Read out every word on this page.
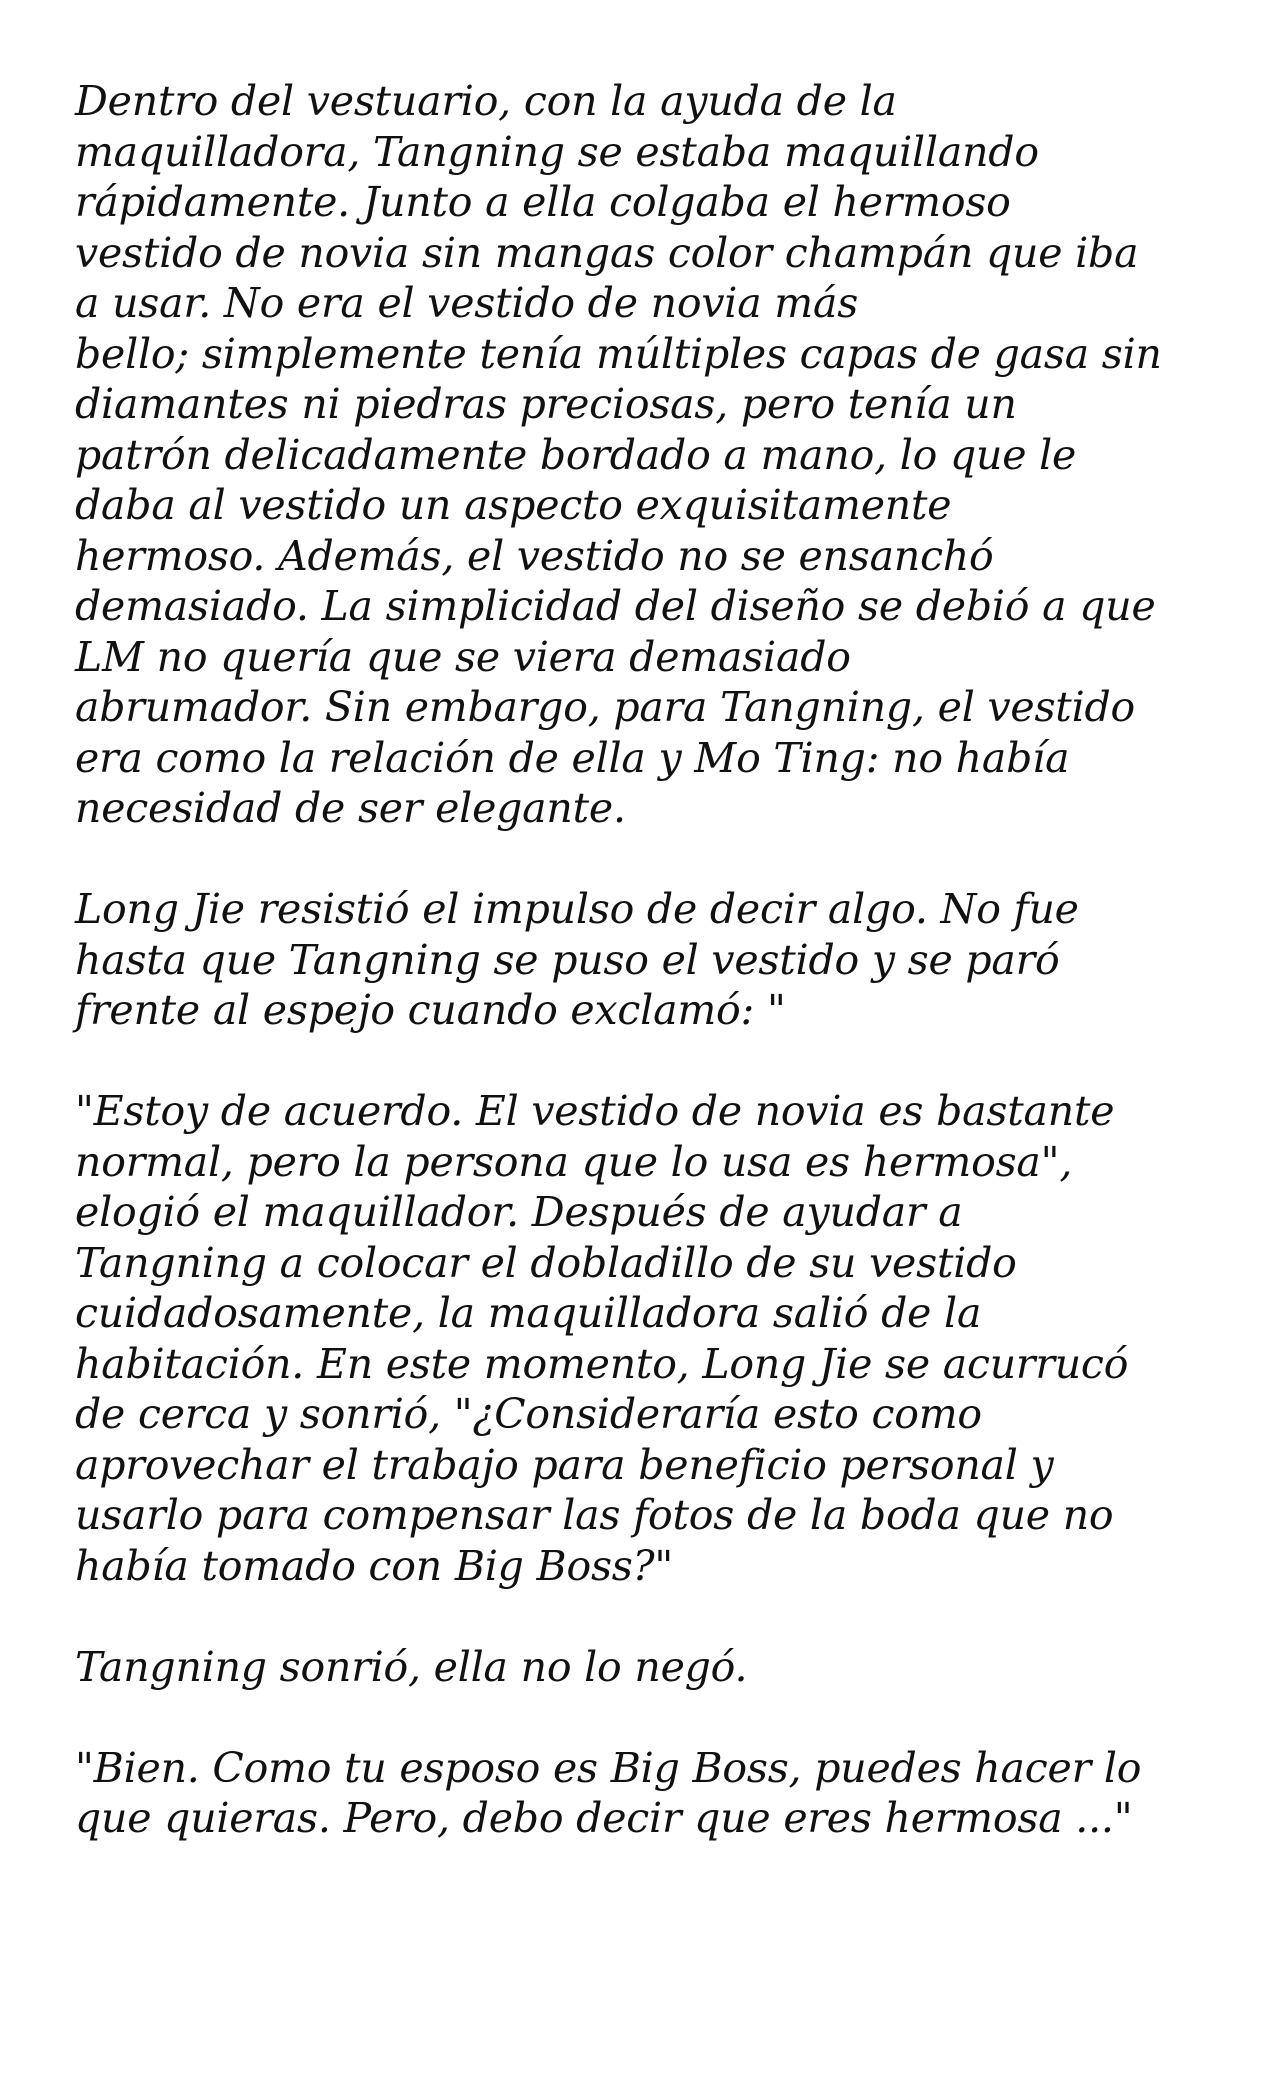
Dentro del vestuario, con la ayuda de la
maquilladora, Tangning se estaba maquillando
rápidamente. Junto a ella colgaba el hermoso
vestido de novia sin mangas color champán que iba
a usar. No era el vestido de novia más
bello; simplemente tenía múltiples capas de gasa sin
diamantes ni piedras preciosas, pero tenía un
patrón delicadamente bordado a mano, lo que le
daba al vestido un aspecto exquisitamente
hermoso. Además, el vestido no se ensanchó
demasiado. La simplicidad del diseño se debió a que
LM no quería que se viera demasiado
abrumador. Sin embargo, para Tangning, el vestido
era como la relación de ella y Mo Ting: no había
necesidad de ser elegante.

Long Jie resistió el impulso de decir algo. No fue
hasta que Tangning se puso el vestido y se paró
frente al espejo cuando exclamó: "

"Estoy de acuerdo. El vestido de novia es bastante
normal, pero la persona que lo usa es hermosa",
elogió el maquillador. Después de ayudar a
Tangning a colocar el dobladillo de su vestido
cuidadosamente, la maquilladora salió de la
habitación. En este momento, Long Jie se acurrucó
de cerca y sonrió, "¿Consideraría esto como
aprovechar el trabajo para beneficio personal y
usarlo para compensar las fotos de la boda que no
había tomado con Big Boss?"

Tangning sonrió, ella no lo negó.

"Bien. Como tu esposo es Big Boss, puedes hacer lo
que quieras. Pero, debo decir que eres hermosa ..."
